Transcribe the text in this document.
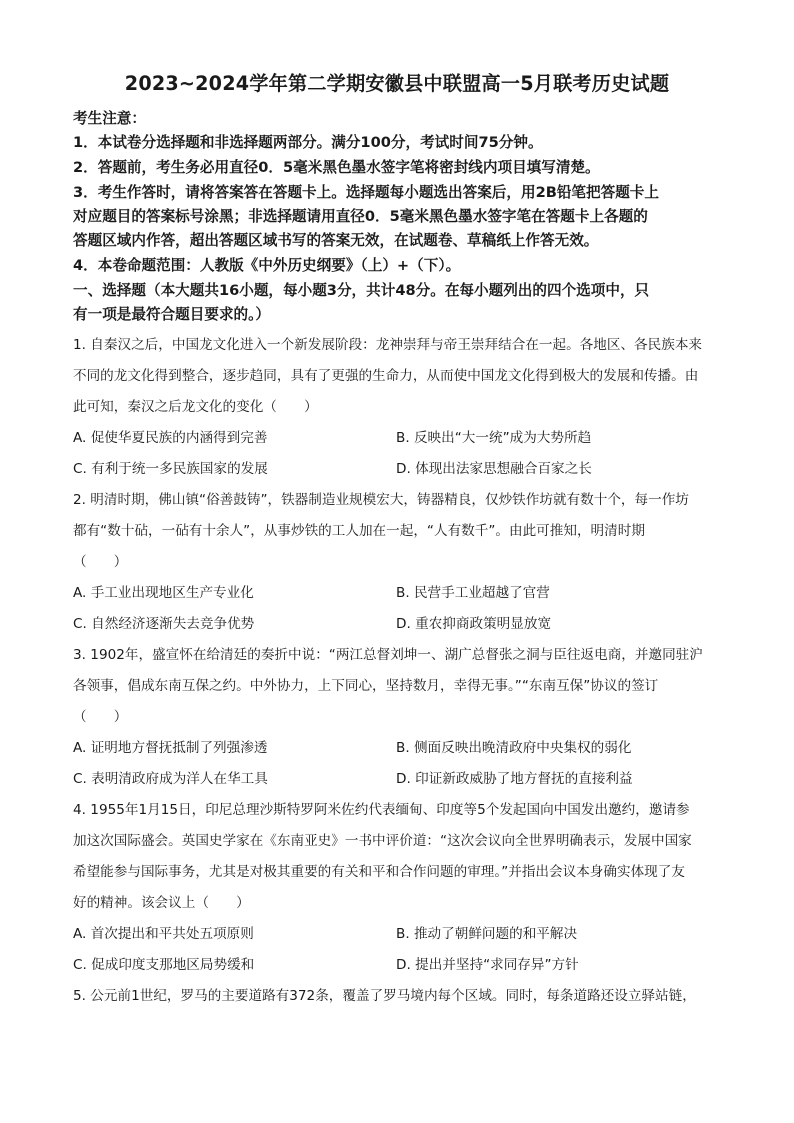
2023~2024学年第二学期安徽县中联盟高一5月联考历史试题
考生注意：
1．本试卷分选择题和非选择题两部分。满分100分，考试时间75分钟。
2．答题前，考生务必用直径0．5毫米黑色墨水签字笔将密封线内项目填写清楚。
3．考生作答时，请将答案答在答题卡上。选择题每小题选出答案后，用2B铅笔把答题卡上
对应题目的答案标号涂黑；非选择题请用直径0．5毫米黑色墨水签字笔在答题卡上各题的
答题区域内作答，超出答题区域书写的答案无效，在试题卷、草稿纸上作答无效。
4．本卷命题范围：人教版《中外历史纲要》（上）+（下）。
一、选择题（本大题共16小题，每小题3分，共计48分。在每小题列出的四个选项中，只
有一项是最符合题目要求的。）
1. 自秦汉之后，中国龙文化进入一个新发展阶段：龙神崇拜与帝王崇拜结合在一起。各地区、各民族本来
不同的龙文化得到整合，逐步趋同，具有了更强的生命力，从而使中国龙文化得到极大的发展和传播。由
此可知，秦汉之后龙文化的变化（　　）
A. 促使华夏民族的内涵得到完善	B. 反映出“大一统”成为大势所趋
C. 有利于统一多民族国家的发展	D. 体现出法家思想融合百家之长
2. 明清时期，佛山镇“俗善鼓铸”，铁器制造业规模宏大，铸器精良，仅炒铁作坊就有数十个，每一作坊
都有“数十砧，一砧有十余人”，从事炒铁的工人加在一起，“人有数千”。由此可推知，明清时期
（　　）
A. 手工业出现地区生产专业化	B. 民营手工业超越了官营
C. 自然经济逐渐失去竞争优势	D. 重农抑商政策明显放宽
3. 1902年，盛宣怀在给清廷的奏折中说：“两江总督刘坤一、湖广总督张之洞与臣往返电商，并邀同驻沪
各领事，倡成东南互保之约。中外协力，上下同心，坚持数月，幸得无事。”“东南互保”协议的签订
（　　）
A. 证明地方督抚抵制了列强渗透	B. 侧面反映出晚清政府中央集权的弱化
C. 表明清政府成为洋人在华工具	D. 印证新政威胁了地方督抚的直接利益
4. 1955年1月15日，印尼总理沙斯特罗阿米佐约代表缅甸、印度等5个发起国向中国发出邀约，邀请参
加这次国际盛会。英国史学家在《东南亚史》一书中评价道：“这次会议向全世界明确表示，发展中国家
希望能参与国际事务，尤其是对极其重要的有关和平和合作问题的审理。”并指出会议本身确实体现了友
好的精神。该会议上（　　）
A. 首次提出和平共处五项原则	B. 推动了朝鲜问题的和平解决
C. 促成印度支那地区局势缓和	D. 提出并坚持“求同存异”方针
5. 公元前1世纪，罗马的主要道路有372条，覆盖了罗马境内每个区域。同时，每条道路还设立驿站链，
